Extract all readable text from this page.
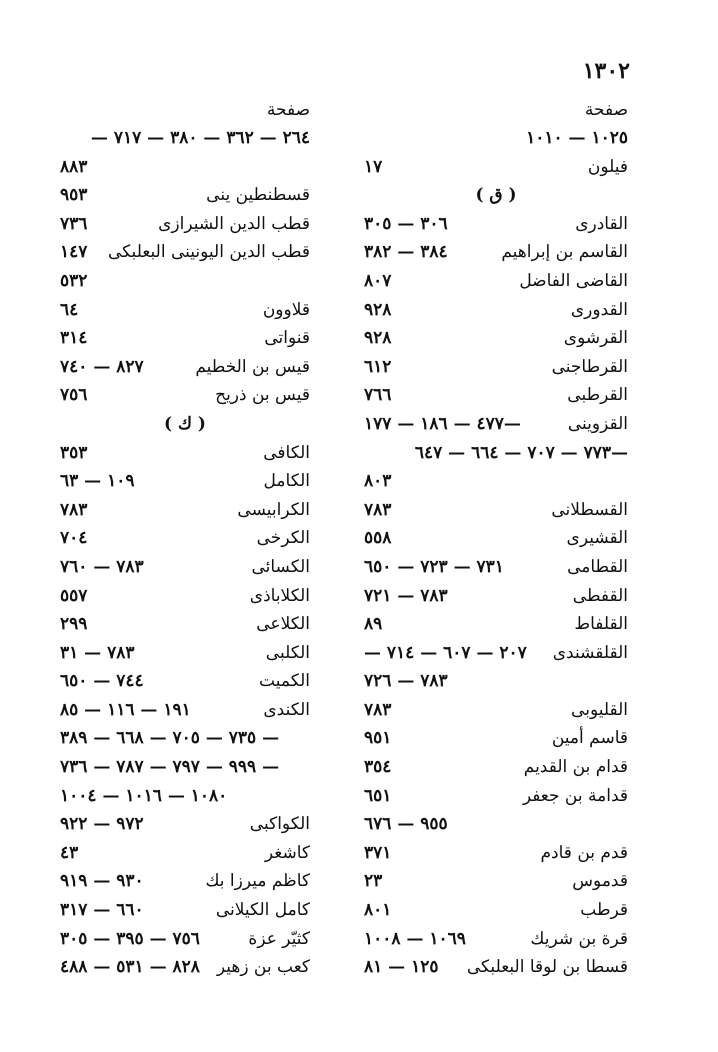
١٣٠٢
صفحة
١٠٢٥ — ١٠١٠
فيلون
١٧
( ق )
القادرى
٣٠٦ — ٣٠٥
القاسم بن إبراهيم
٣٨٤ — ٣٨٢
القاضى الفاضل
٨٠٧
القدورى
٩٢٨
القرشوى
٩٢٨
القرطاجنى
٦١٢
القرطبى
٧٦٦
القزوينى
—٤٧٧ — ١٨٦ — ١٧٧
—٧٧٣ — ٧٠٧ — ٦٦٤ — ٦٤٧
٨٠٣
القسطلانى
٧٨٣
القشيرى
٥٥٨
القطامى
٧٣١ — ٧٢٣ — ٦٥٠
القفطى
٧٨٣ — ٧٢١
القلفاط
٨٩
القلقشندى
٢٠٧ — ٦٠٧ — ٧١٤ —
٧٨٣ — ٧٢٦
القليوبى
٧٨٣
قاسم أمين
٩٥١
قدام بن القديم
٣٥٤
قدامة بن جعفر
٦٥١
٩٥٥ — ٦٧٦
قدم بن قادم
٣٧١
قدموس
٢٣
قرطب
٨٠١
قرة بن شريك
١٠٦٩ — ١٠٠٨
قسطا بن لوقا البعلبكى
١٢٥ — ٨١
صفحة
٢٦٤ — ٣٦٢ — ٣٨٠ — ٧١٧ —
٨٨٣
قسطنطين ينى
٩٥٣
قطب الدين الشيرازى
٧٣٦
قطب الدين اليونينى البعلبكى
١٤٧
٥٣٢
قلاوون
٦٤
قنواتى
٣١٤
قيس بن الخطيم
٨٢٧ — ٧٤٠
قيس بن ذريح
٧٥٦
( ك )
الكافى
٣٥٣
الكامل
١٠٩ — ٦٣
الكرابيسى
٧٨٣
الكرخى
٧٠٤
الكسائى
٧٨٣ — ٧٦٠
الكلاباذى
٥٥٧
الكلاعى
٢٩٩
الكلبى
٧٨٣ — ٣١
الكميت
٧٤٤ — ٦٥٠
الكندى
١٩١ — ١١٦ — ٨٥
— ٧٣٥ — ٧٠٥ — ٦٦٨ — ٣٨٩
— ٩٩٩ — ٧٩٧ — ٧٨٧ — ٧٣٦
١٠٨٠ — ١٠١٦ — ١٠٠٤
الكواكبى
٩٧٢ — ٩٢٢
كاشغر
٤٣
كاظم ميرزا بك
٩٣٠ — ٩١٩
كامل الكيلانى
٦٦٠ — ٣١٧
كثيّر عزة
٧٥٦ — ٣٩٥ — ٣٠٥
كعب بن زهير
٨٢٨ — ٥٣١ — ٤٨٨
